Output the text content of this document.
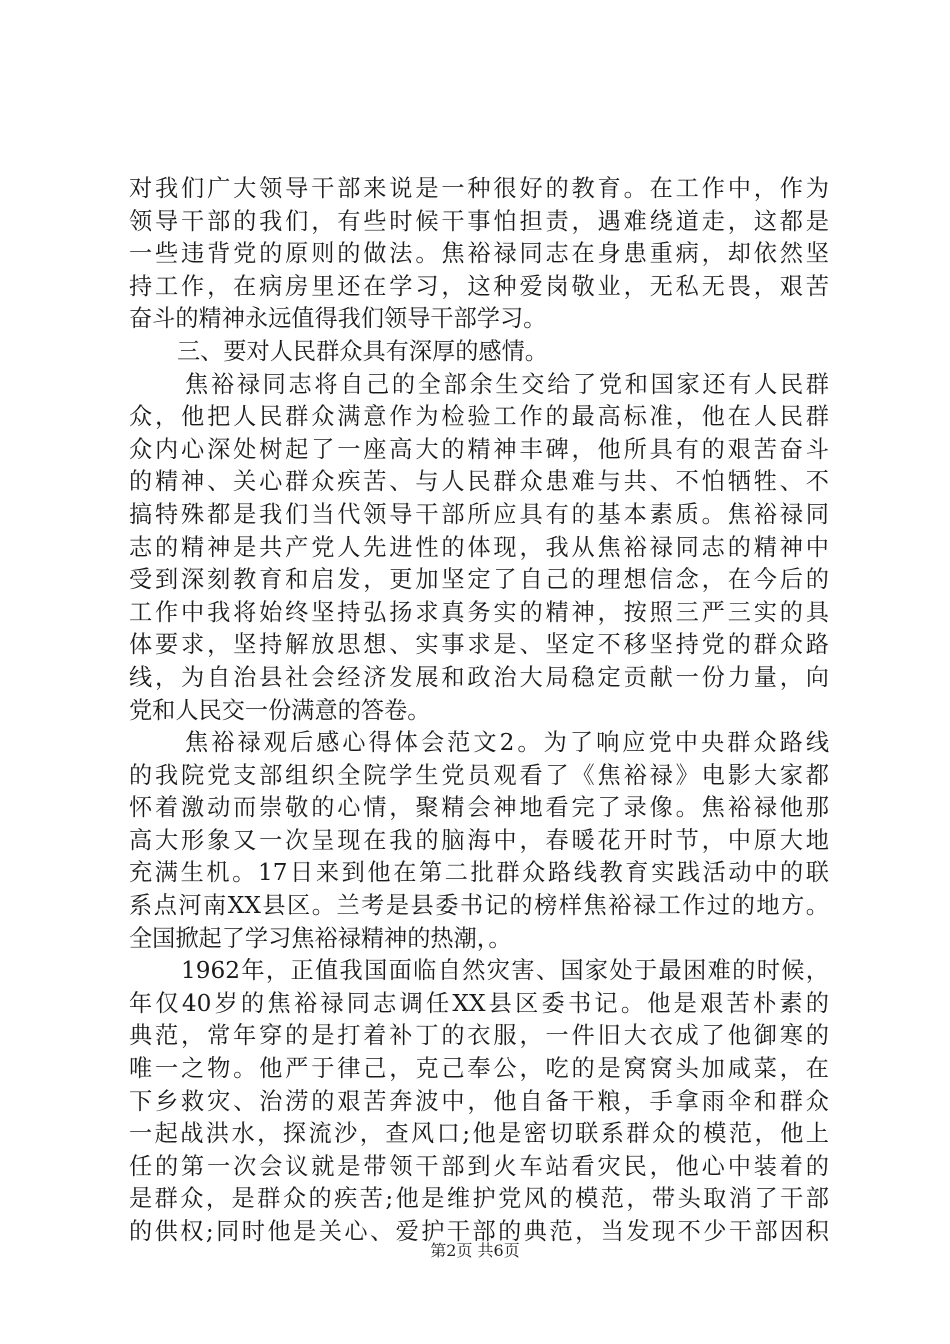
对我们广大领导干部来说是一种很好的教育。在工作中，作为
领导干部的我们，有些时候干事怕担责，遇难绕道走，这都是
一些违背党的原则的做法。焦裕禄同志在身患重病，却依然坚
持工作，在病房里还在学习，这种爱岗敬业，无私无畏，艰苦
奋斗的精神永远值得我们领导干部学习。
三、要对人民群众具有深厚的感情。
焦裕禄同志将自己的全部余生交给了党和国家还有人民群
众，他把人民群众满意作为检验工作的最高标准，他在人民群
众内心深处树起了一座高大的精神丰碑，他所具有的艰苦奋斗
的精神、关心群众疾苦、与人民群众患难与共、不怕牺牲、不
搞特殊都是我们当代领导干部所应具有的基本素质。焦裕禄同
志的精神是共产党人先进性的体现，我从焦裕禄同志的精神中
受到深刻教育和启发，更加坚定了自己的理想信念，在今后的
工作中我将始终坚持弘扬求真务实的精神，按照三严三实的具
体要求，坚持解放思想、实事求是、坚定不移坚持党的群众路
线，为自治县社会经济发展和政治大局稳定贡献一份力量，向
党和人民交一份满意的答卷。
焦裕禄观后感心得体会范文2。为了响应党中央群众路线
的我院党支部组织全院学生党员观看了《焦裕禄》电影大家都
怀着激动而崇敬的心情，聚精会神地看完了录像。焦裕禄他那
高大形象又一次呈现在我的脑海中，春暖花开时节，中原大地
充满生机。17日来到他在第二批群众路线教育实践活动中的联
系点河南XX县区。兰考是县委书记的榜样焦裕禄工作过的地方。
全国掀起了学习焦裕禄精神的热潮，。
1962年，正值我国面临自然灾害、国家处于最困难的时候，
年仅40岁的焦裕禄同志调任XX县区委书记。他是艰苦朴素的
典范，常年穿的是打着补丁的衣服，一件旧大衣成了他御寒的
唯一之物。他严于律己，克己奉公，吃的是窝窝头加咸菜，在
下乡救灾、治涝的艰苦奔波中，他自备干粮，手拿雨伞和群众
一起战洪水，探流沙，查风口;他是密切联系群众的模范，他上
任的第一次会议就是带领干部到火车站看灾民，他心中装着的
是群众，是群众的疾苦;他是维护党风的模范，带头取消了干部
的供权;同时他是关心、爱护干部的典范，当发现不少干部因积
第2页 共6页
